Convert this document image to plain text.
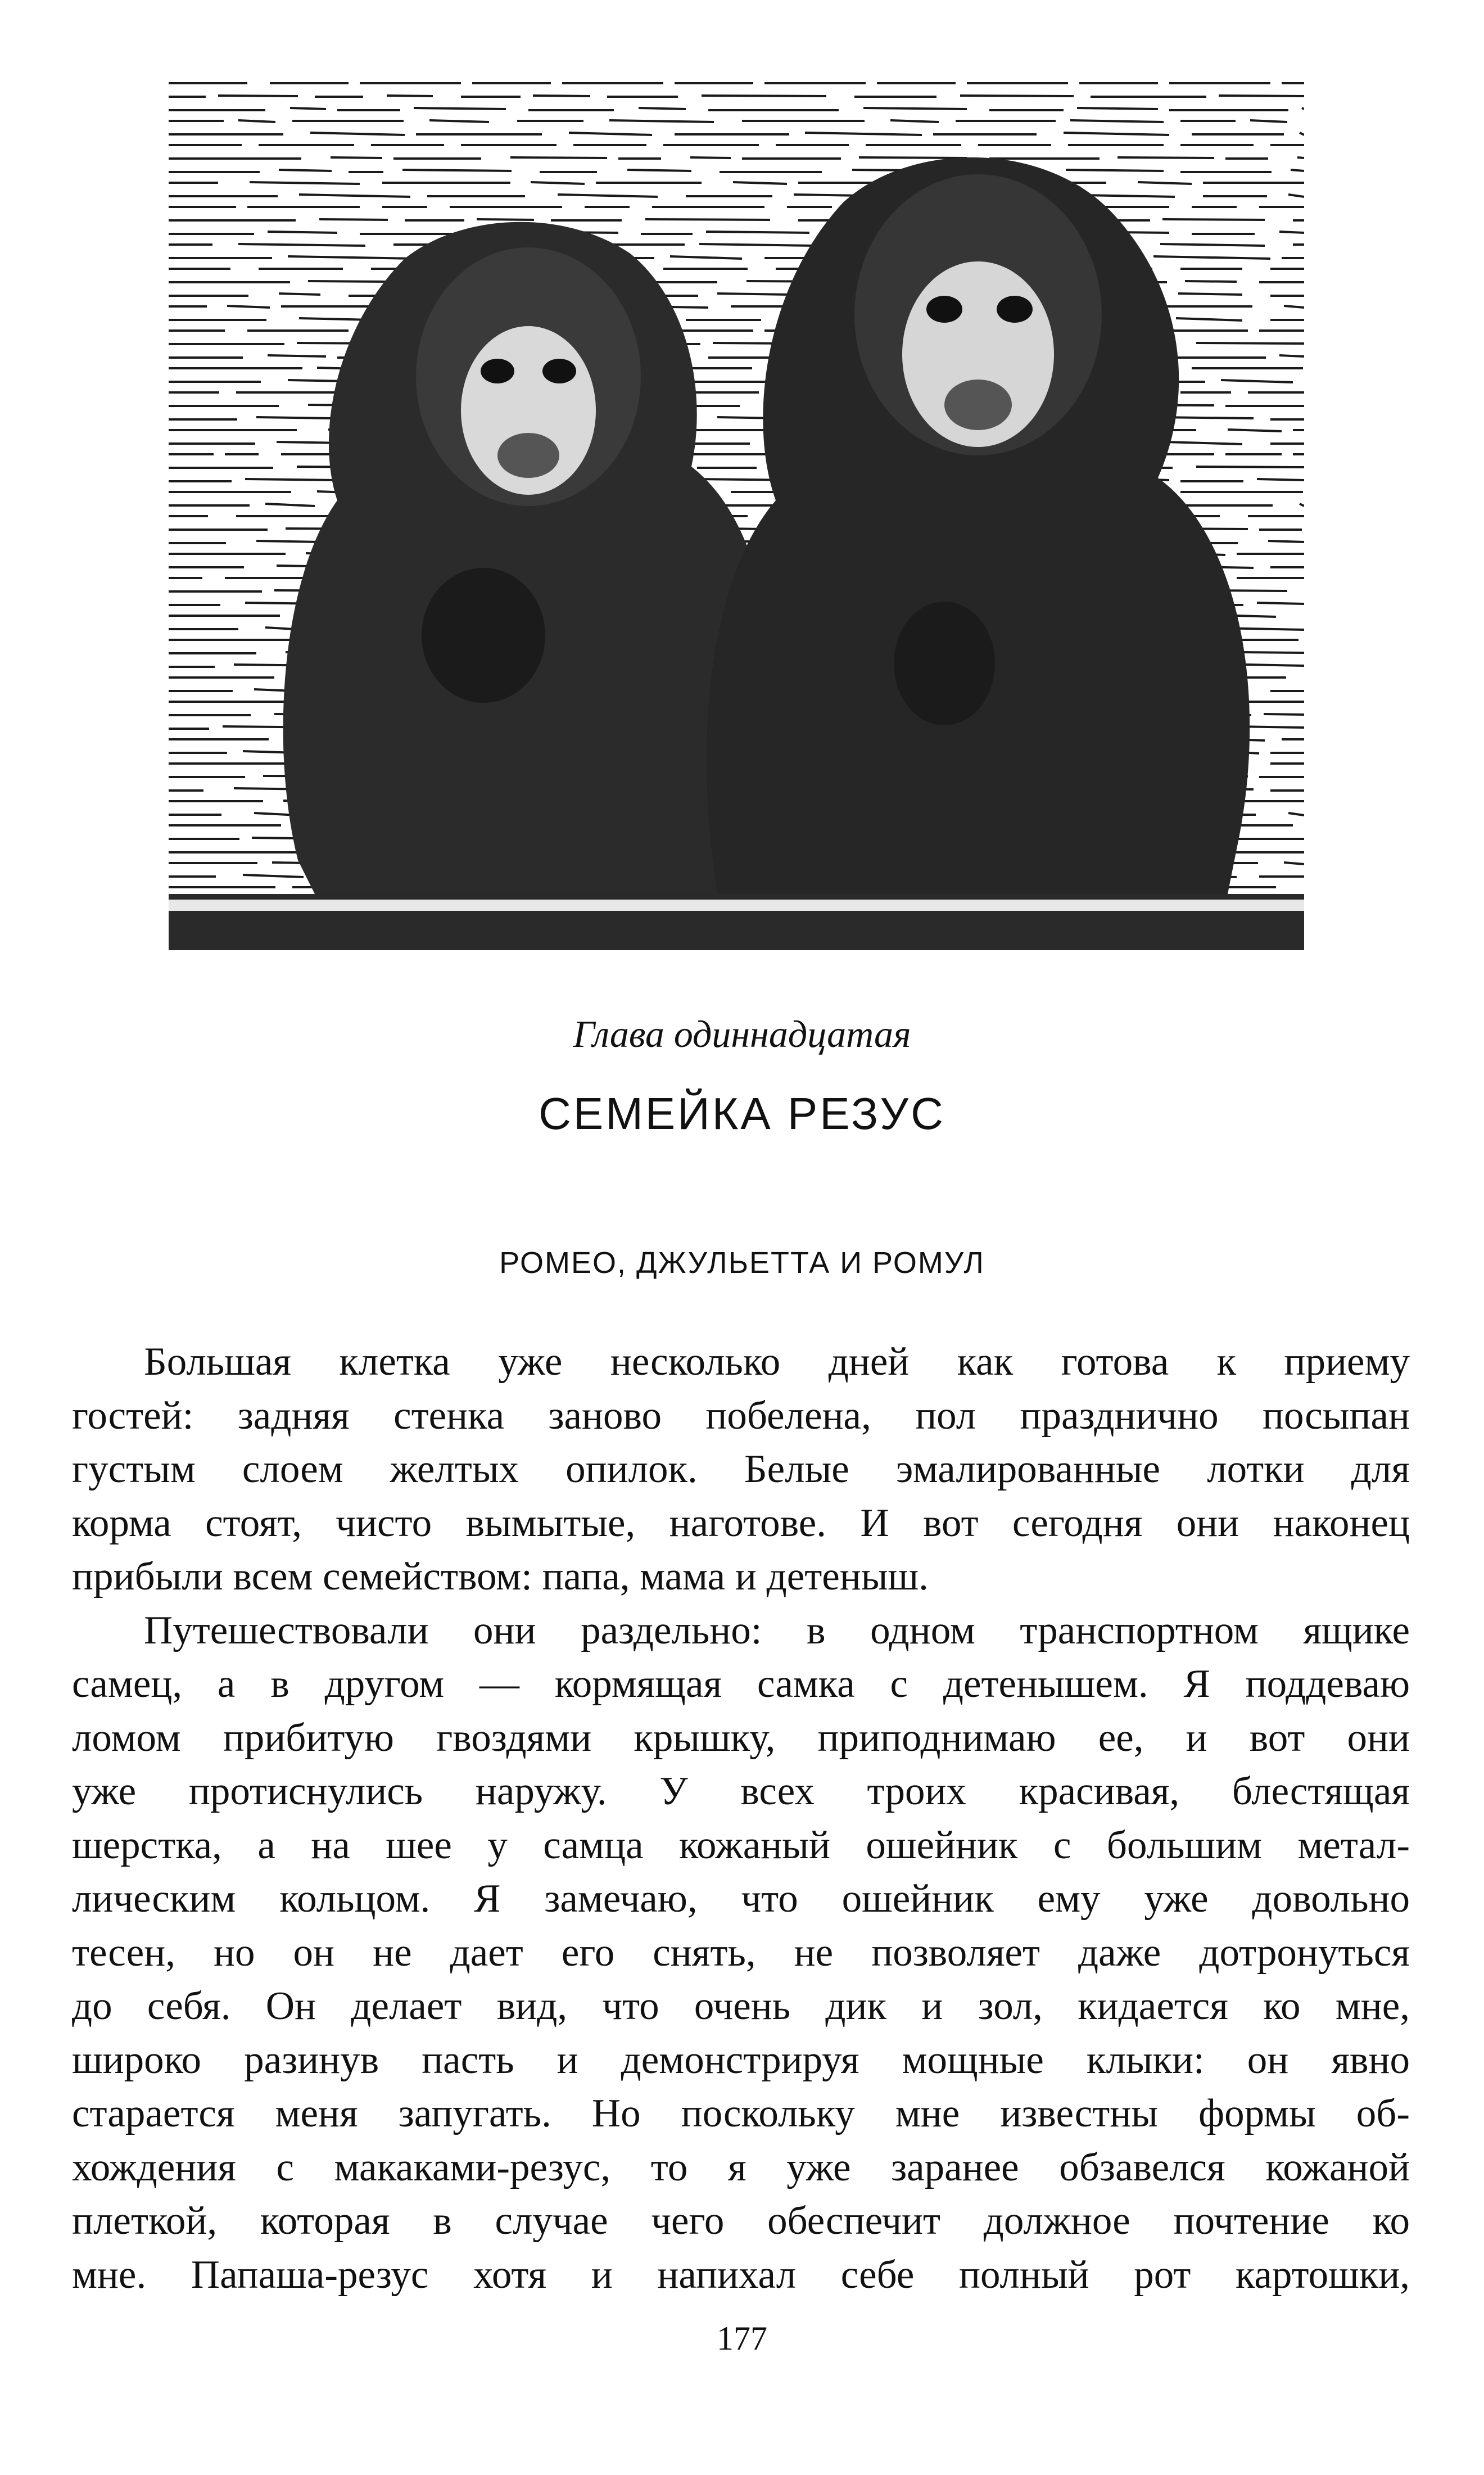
Глава одиннадцатая
СЕМЕЙКА РЕЗУС
РОМЕО, ДЖУЛЬЕТТА И РОМУЛ

Большая клетка уже несколько дней как готова к приему
гостей: задняя стенка заново побелена, пол празднично посыпан
густым слоем желтых опилок. Белые эмалированные лотки для
корма стоят, чисто вымытые, наготове. И вот сегодня они наконец
прибыли всем семейством: папа, мама и детеныш.

Путешествовали они раздельно: в одном транспортном ящике
самец, а в другом — кормящая самка с детенышем. Я поддеваю
ломом прибитую гвоздями крышку, приподнимаю ее, и вот они
уже протиснулись наружу. У всех троих красивая, блестящая
шерстка, а на шее у самца кожаный ошейник с большим метал-
лическим кольцом. Я замечаю, что ошейник ему уже довольно
тесен, но он не дает его снять, не позволяет даже дотронуться
до себя. Он делает вид, что очень дик и зол, кидается ко мне,
широко разинув пасть и демонстрируя мощные клыки: он явно
старается меня запугать. Но поскольку мне известны формы об-
хождения с макаками-резус, то я уже заранее обзавелся кожаной
плеткой, которая в случае чего обеспечит должное почтение ко
мне. Папаша-резус хотя и напихал себе полный рот картошки,

177
